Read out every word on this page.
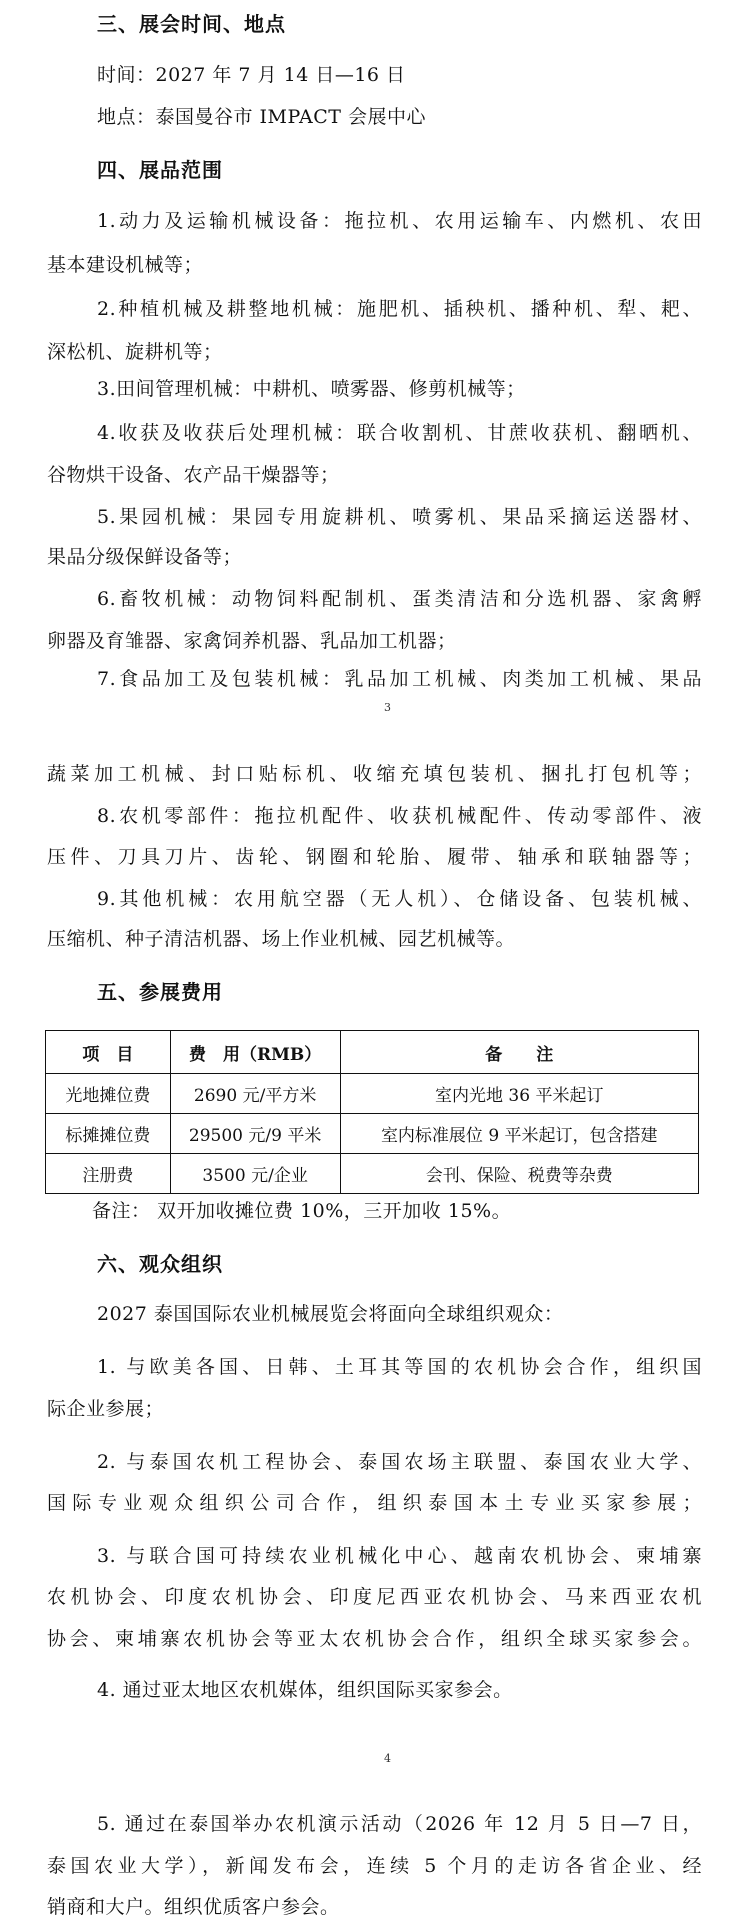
三、展会时间、地点
时间：2027 年 7 月 14 日—16 日
地点：泰国曼谷市 IMPACT 会展中心
四、展品范围
1.动力及运输机械设备：拖拉机、农用运输车、内燃机、农田
基本建设机械等；
2.种植机械及耕整地机械：施肥机、插秧机、播种机、犁、耙、
深松机、旋耕机等；
3.田间管理机械：中耕机、喷雾器、修剪机械等；
4.收获及收获后处理机械：联合收割机、甘蔗收获机、翻晒机、
谷物烘干设备、农产品干燥器等；
5.果园机械：果园专用旋耕机、喷雾机、果品采摘运送器材、
果品分级保鲜设备等；
6.畜牧机械：动物饲料配制机、蛋类清洁和分选机器、家禽孵
卵器及育雏器、家禽饲养机器、乳品加工机器；
7.食品加工及包装机械：乳品加工机械、肉类加工机械、果品
3
蔬菜加工机械、封口贴标机、收缩充填包装机、捆扎打包机等；
8.农机零部件：拖拉机配件、收获机械配件、传动零部件、液
压件、刀具刀片、齿轮、钢圈和轮胎、履带、轴承和联轴器等；
9.其他机械：农用航空器（无人机）、仓储设备、包装机械、
压缩机、种子清洁机器、场上作业机械、园艺机械等。
五、参展费用
项　目	费　用（RMB）	备　　注
光地摊位费	2690 元/平方米	室内光地 36 平米起订
标摊摊位费	29500 元/9 平米	室内标准展位 9 平米起订，包含搭建
注册费	3500 元/企业	会刊、保险、税费等杂费
备注： 双开加收摊位费 10%，三开加收 15%。
六、观众组织
2027 泰国国际农业机械展览会将面向全球组织观众：
1. 与欧美各国、日韩、土耳其等国的农机协会合作，组织国
际企业参展；
2. 与泰国农机工程协会、泰国农场主联盟、泰国农业大学、
国际专业观众组织公司合作，组织泰国本土专业买家参展；
3. 与联合国可持续农业机械化中心、越南农机协会、柬埔寨
农机协会、印度农机协会、印度尼西亚农机协会、马来西亚农机
协会、柬埔寨农机协会等亚太农机协会合作，组织全球买家参会。
4. 通过亚太地区农机媒体，组织国际买家参会。
4
5. 通过在泰国举办农机演示活动（2026 年 12 月 5 日—7 日，
泰国农业大学），新闻发布会，连续 5 个月的走访各省企业、经
销商和大户。组织优质客户参会。
